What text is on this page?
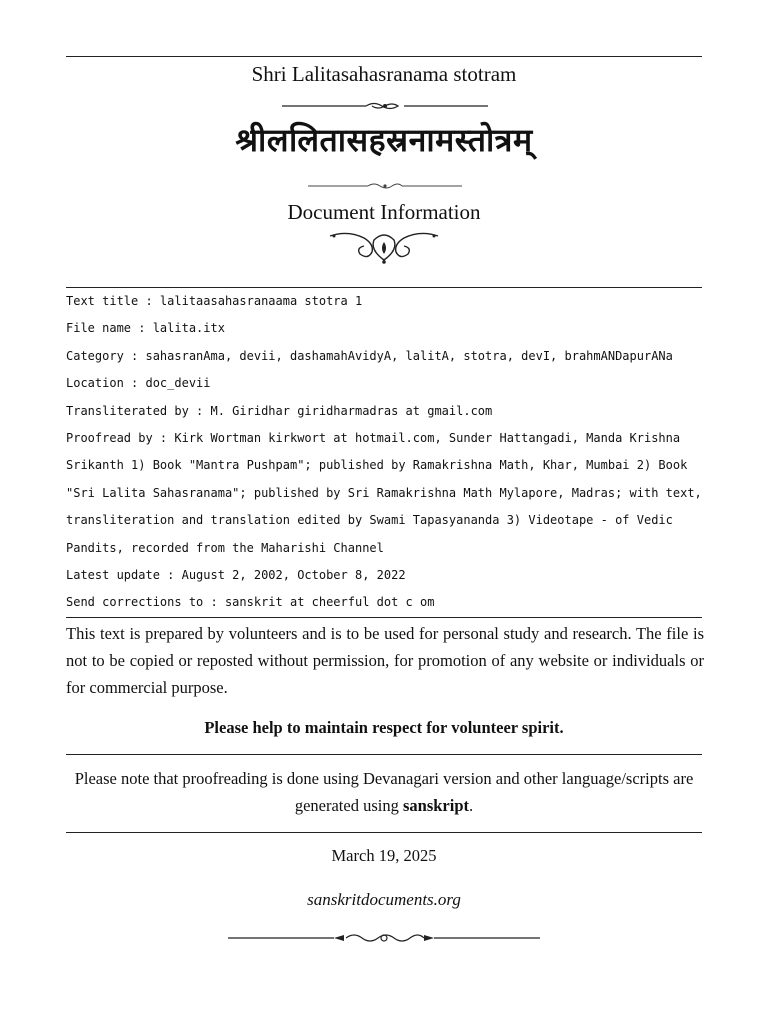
Shri Lalitasahasranama stotram
श्रीललितासहस्रनामस्तोत्रम्
Document Information
Text title : lalitaasahasranaama stotra 1
File name : lalita.itx
Category : sahasranAma, devii, dashamahAvidyA, lalitA, stotra, devI, brahmANDapurANa
Location : doc_devii
Transliterated by : M. Giridhar giridharmadras at gmail.com
Proofread by : Kirk Wortman kirkwort at hotmail.com, Sunder Hattangadi, Manda Krishna
Srikanth 1) Book "Mantra Pushpam"; published by Ramakrishna Math, Khar, Mumbai 2) Book
"Sri Lalita Sahasranama"; published by Sri Ramakrishna Math Mylapore, Madras; with text,
transliteration and translation edited by Swami Tapasyananda 3) Videotape - of Vedic
Pandits, recorded from the Maharishi Channel
Latest update : August 2, 2002, October 8, 2022
Send corrections to : sanskrit at cheerful dot c om
This text is prepared by volunteers and is to be used for personal study and research. The file is not to be copied or reposted without permission, for promotion of any website or individuals or for commercial purpose.
Please help to maintain respect for volunteer spirit.
Please note that proofreading is done using Devanagari version and other language/scripts are generated using sanskript.
March 19, 2025
sanskritdocuments.org
